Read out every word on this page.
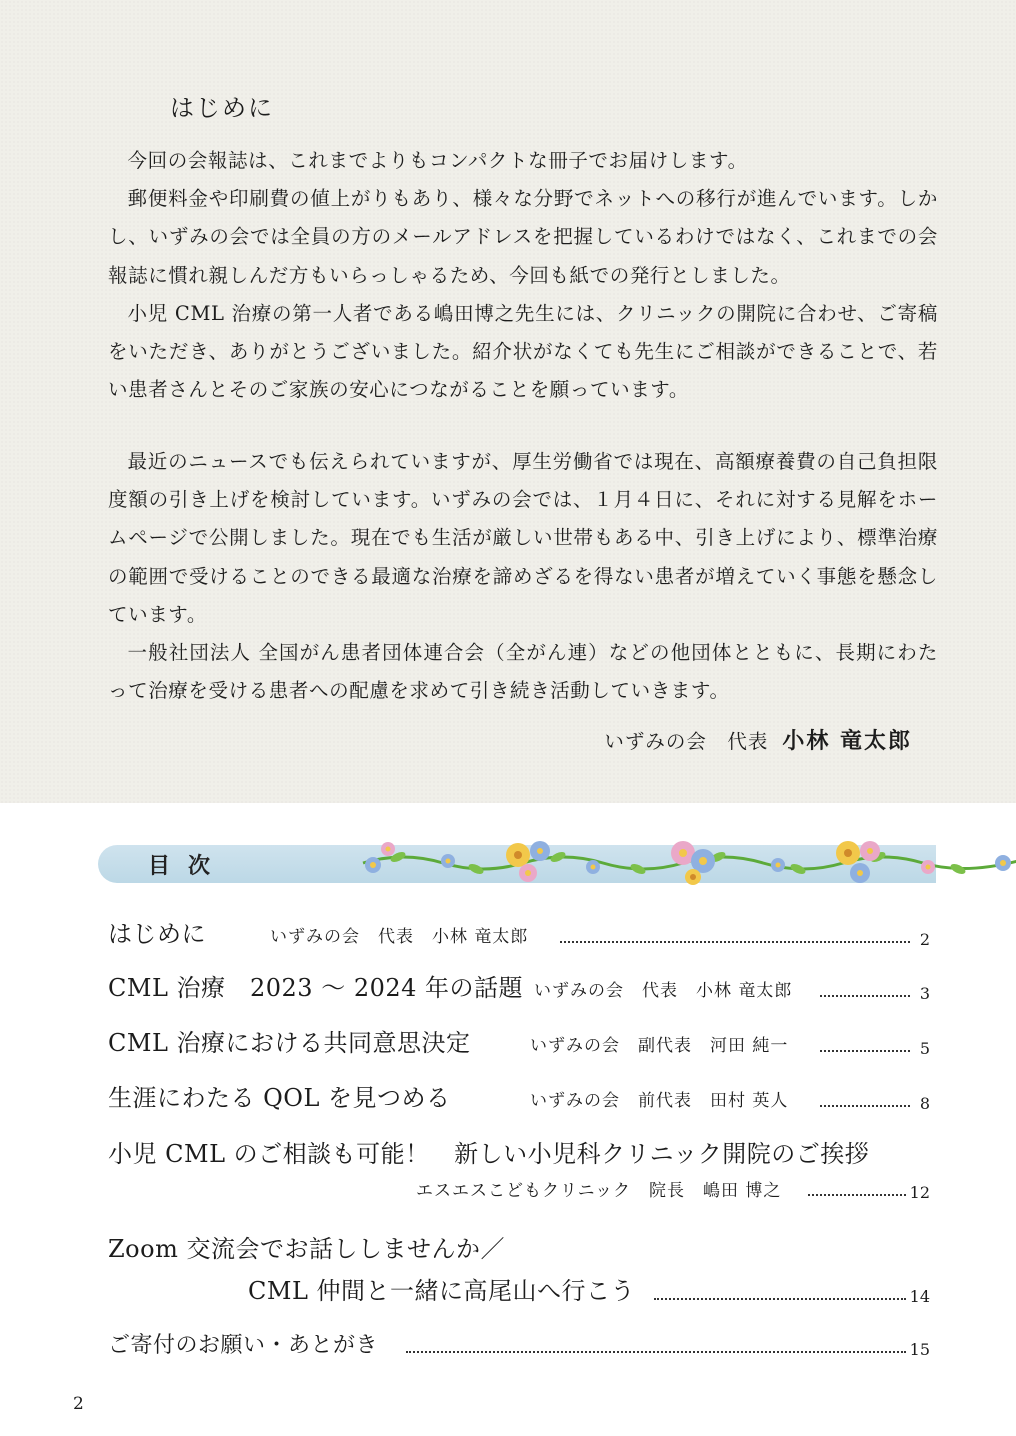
はじめに

今回の会報誌は、これまでよりもコンパクトな冊子でお届けします。

郵便料金や印刷費の値上がりもあり、様々な分野でネットへの移行が進んでいます。しかし、いずみの会では全員の方のメールアドレスを把握しているわけではなく、これまでの会報誌に慣れ親しんだ方もいらっしゃるため、今回も紙での発行としました。

小児 CML 治療の第一人者である嶋田博之先生には、クリニックの開院に合わせ、ご寄稿をいただき、ありがとうございました。紹介状がなくても先生にご相談ができることで、若い患者さんとそのご家族の安心につながることを願っています。

最近のニュースでも伝えられていますが、厚生労働省では現在、高額療養費の自己負担限度額の引き上げを検討しています。いずみの会では、１月４日に、それに対する見解をホームページで公開しました。現在でも生活が厳しい世帯もある中、引き上げにより、標準治療の範囲で受けることのできる最適な治療を諦めざるを得ない患者が増えていく事態を懸念しています。

一般社団法人 全国がん患者団体連合会（全がん連）などの他団体とともに、長期にわたって治療を受ける患者への配慮を求めて引き続き活動していきます。

いずみの会　代表 小林 竜太郎
目次
はじめに	いずみの会　代表　小林 竜太郎	2
CML 治療　2023 ～ 2024 年の話題 いずみの会　代表　小林 竜太郎	3
CML 治療における共同意思決定	いずみの会　副代表　河田 純一	5
生涯にわたる QOL を見つめる	いずみの会　前代表　田村 英人	8
小児 CML のご相談も可能！　新しい小児科クリニック開院のご挨拶
エスエスこどもクリニック　院長　嶋田 博之	12
Zoom 交流会でお話ししませんか／
CML 仲間と一緒に高尾山へ行こう	14
ご寄付のお願い・あとがき	15
2
